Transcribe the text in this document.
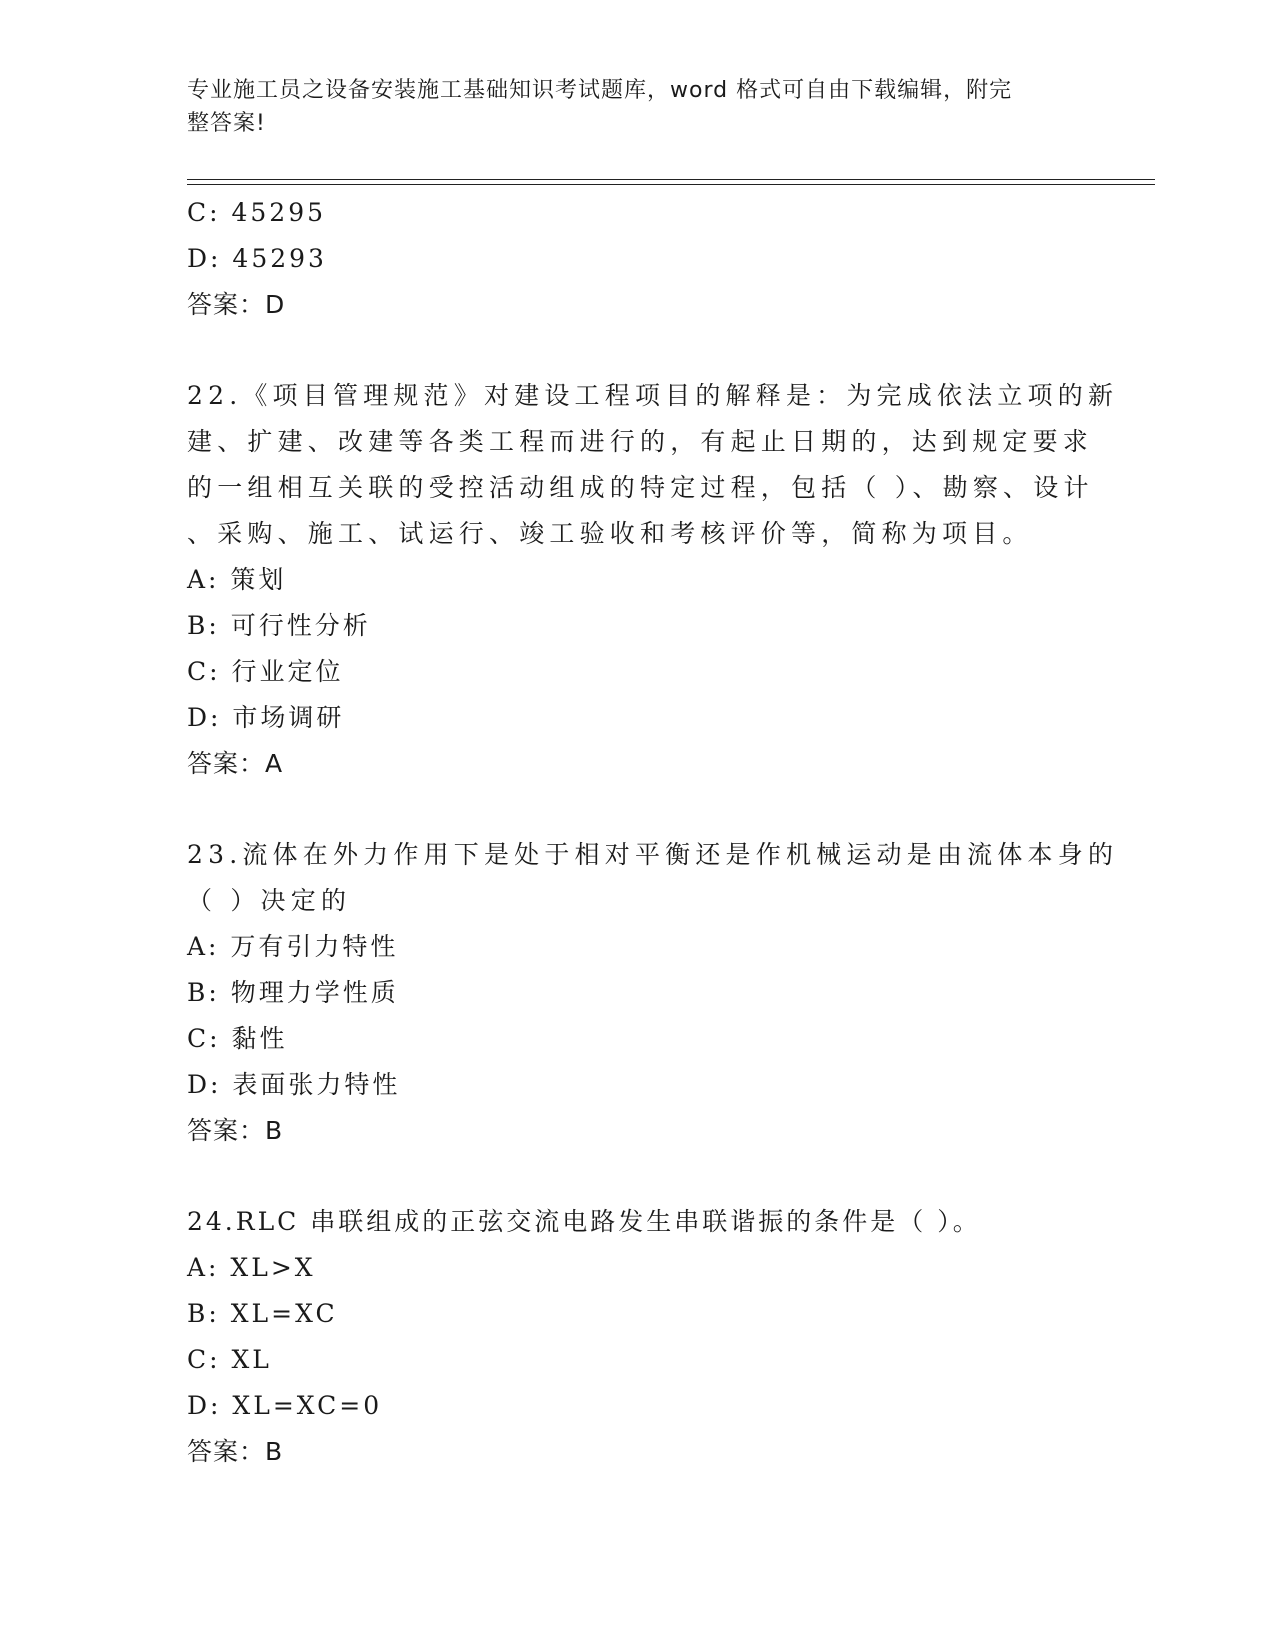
专业施工员之设备安装施工基础知识考试题库，word 格式可自由下载编辑，附完
整答案!
C: 45295
D: 45293
答案：D
22.《项目管理规范》对建设工程项目的解释是：为完成依法立项的新
建、扩建、改建等各类工程而进行的，有起止日期的，达到规定要求
的一组相互关联的受控活动组成的特定过程，包括（ ）、勘察、设计
、采购、施工、试运行、竣工验收和考核评价等，简称为项目。
A: 策划
B: 可行性分析
C: 行业定位
D: 市场调研
答案：A
23.流体在外力作用下是处于相对平衡还是作机械运动是由流体本身的
（ ）决定的
A: 万有引力特性
B: 物理力学性质
C: 黏性
D: 表面张力特性
答案：B
24.RLC 串联组成的正弦交流电路发生串联谐振的条件是（ ）。
A: XL>X
B: XL=XC
C: XL
D: XL=XC=0
答案：B
